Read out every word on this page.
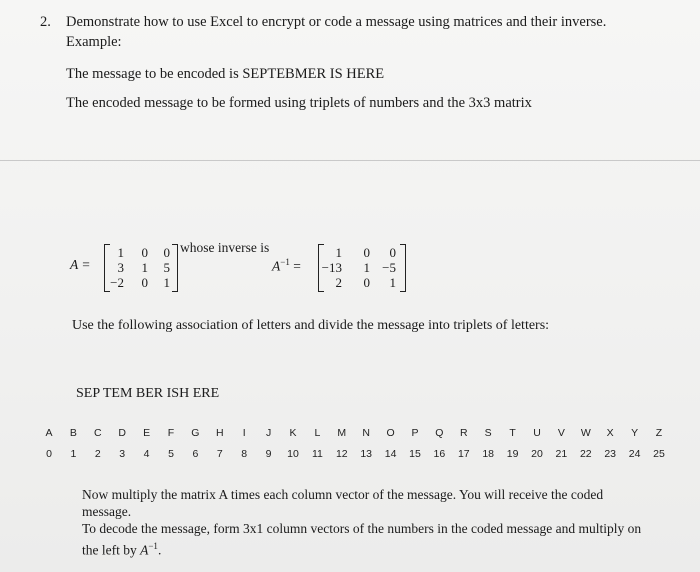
2. Demonstrate how to use Excel to encrypt or code a message using matrices and their inverse.
Example:
The message to be encoded is SEPTEBMER IS HERE
The encoded message to be formed using triplets of numbers and the 3x3 matrix
A =
1	0	0
3	1	5
−2	0	1
whose inverse is
$A^{-1}$ =
1	0	0
−13	1 −5
2	0	1
Use the following association of letters and divide the message into triplets of letters:
SEP TEM BER ISH ERE
A	B	C	D	E	F	G	H	I	J	K	L	M	N	O	P	Q	R	S	T	U	V	W	X	Y	Z
0	1	2	3	4	5	6	7	8	9	10	11	12	13	14	15	16	17	18	19	20	21	22	23	24	25
Now multiply the matrix A times each column vector of the message. You will receive the coded
message.
To decode the message, form 3x1 column vectors of the numbers in the coded message and multiply on
the left by $A^{-1}$.
